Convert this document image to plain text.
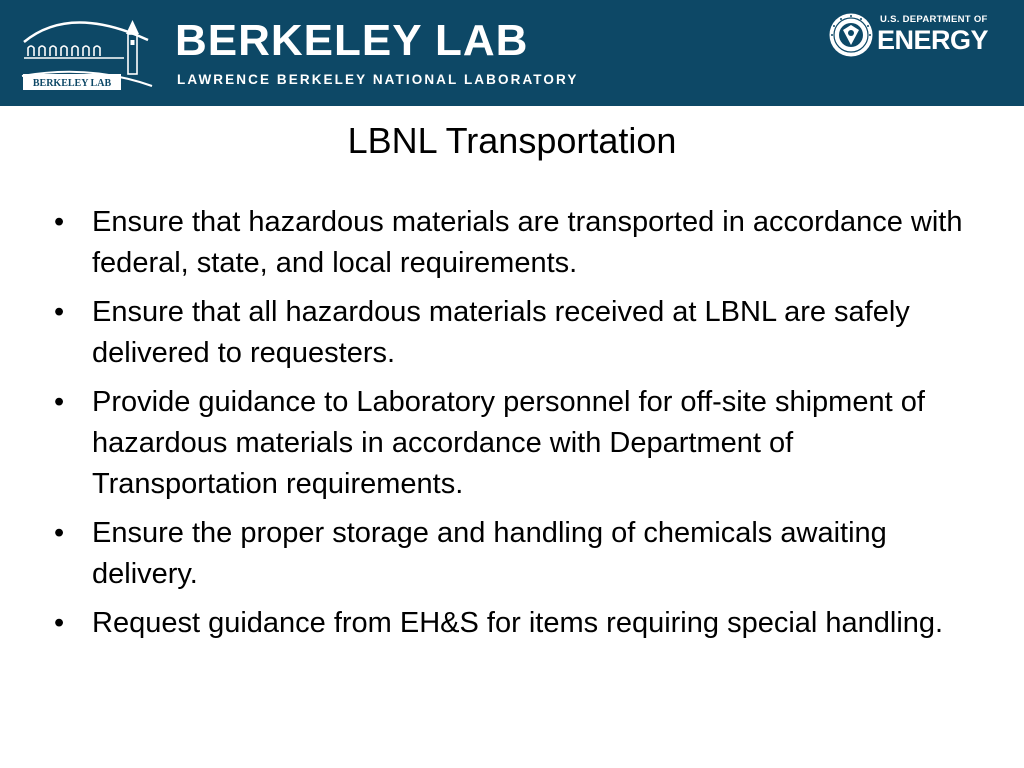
BERKELEY LAB
BERKELEY LAB
LAWRENCE BERKELEY NATIONAL LABORATORY
U.S. DEPARTMENT OF
ENERGY
LBNL Transportation
• Ensure that hazardous materials are transported in accordance with federal, state, and local requirements.
• Ensure that all hazardous materials received at LBNL are safely delivered to requesters.
• Provide guidance to Laboratory personnel for off-site shipment of hazardous materials in accordance with Department of Transportation requirements.
• Ensure the proper storage and handling of chemicals awaiting delivery.
• Request guidance from EH&S for items requiring special handling.
